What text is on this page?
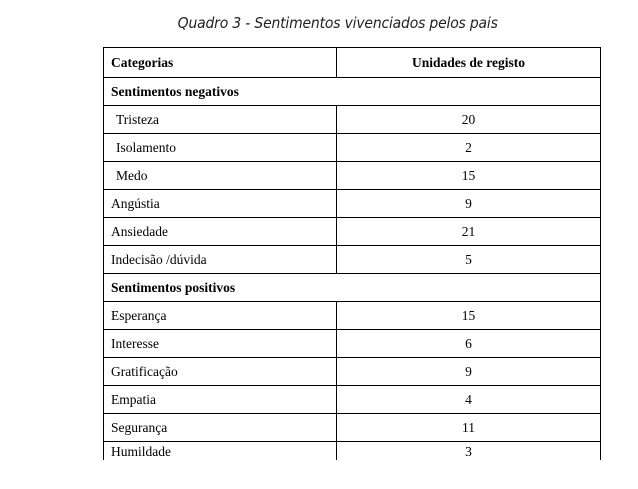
Quadro 3 - Sentimentos vivenciados pelos pais
Categorias	Unidades de registo
Sentimentos negativos	
Tristeza	20
Isolamento	2
Medo	15
Angústia	9
Ansiedade	21
Indecisão /dúvida	5
Sentimentos positivos	
Esperança	15
Interesse	6
Gratificação	9
Empatia	4
Segurança	11
Humildade	3
